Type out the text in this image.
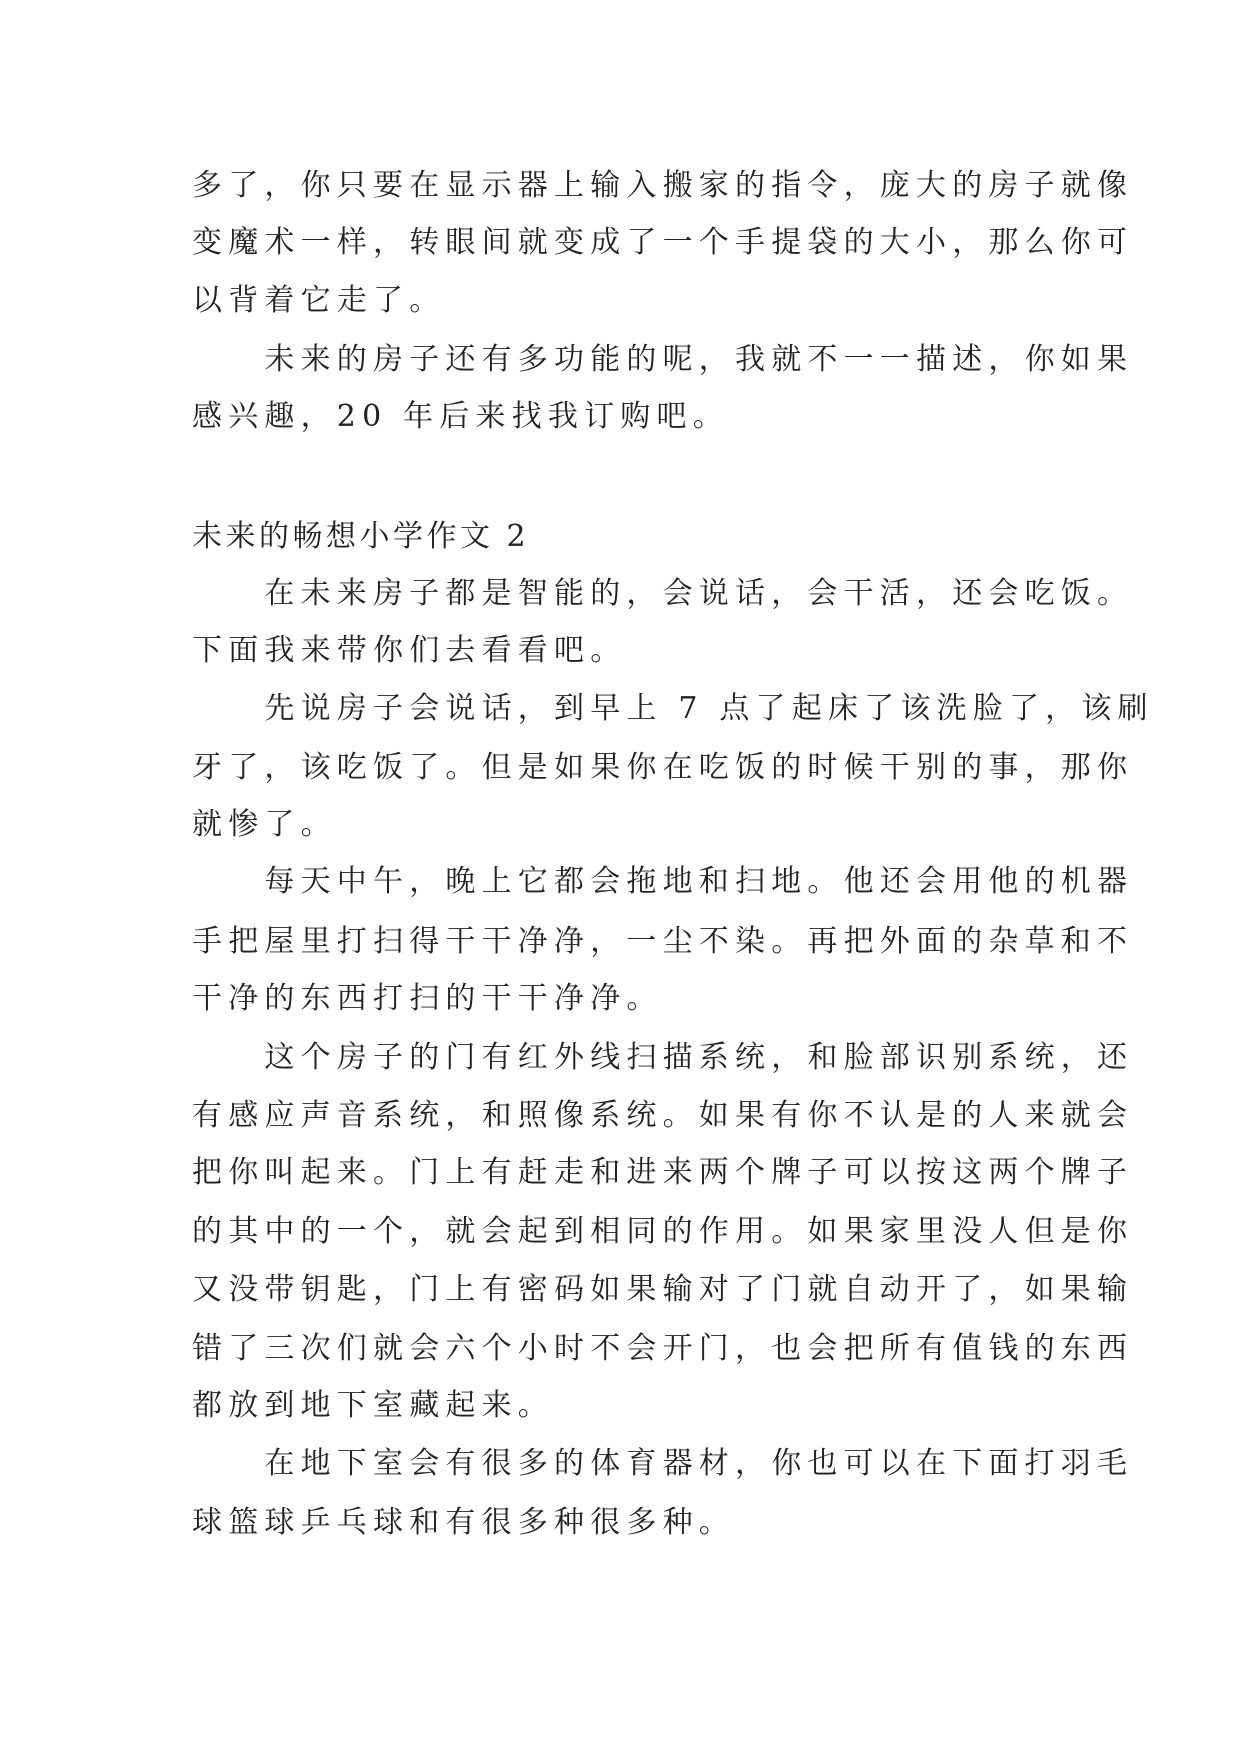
多了，你只要在显示器上输入搬家的指令，庞大的房子就像
变魔术一样，转眼间就变成了一个手提袋的大小，那么你可
以背着它走了。
　　未来的房子还有多功能的呢，我就不一一描述，你如果
感兴趣，20 年后来找我订购吧。
未来的畅想小学作文 2
　　在未来房子都是智能的，会说话，会干活，还会吃饭。
下面我来带你们去看看吧。
　　先说房子会说话，到早上 7 点了起床了该洗脸了，该刷
牙了，该吃饭了。但是如果你在吃饭的时候干别的事，那你
就惨了。
　　每天中午，晚上它都会拖地和扫地。他还会用他的机器
手把屋里打扫得干干净净，一尘不染。再把外面的杂草和不
干净的东西打扫的干干净净。
　　这个房子的门有红外线扫描系统，和脸部识别系统，还
有感应声音系统，和照像系统。如果有你不认是的人来就会
把你叫起来。门上有赶走和进来两个牌子可以按这两个牌子
的其中的一个，就会起到相同的作用。如果家里没人但是你
又没带钥匙，门上有密码如果输对了门就自动开了，如果输
错了三次们就会六个小时不会开门，也会把所有值钱的东西
都放到地下室藏起来。
　　在地下室会有很多的体育器材，你也可以在下面打羽毛
球篮球乒乓球和有很多种很多种。
